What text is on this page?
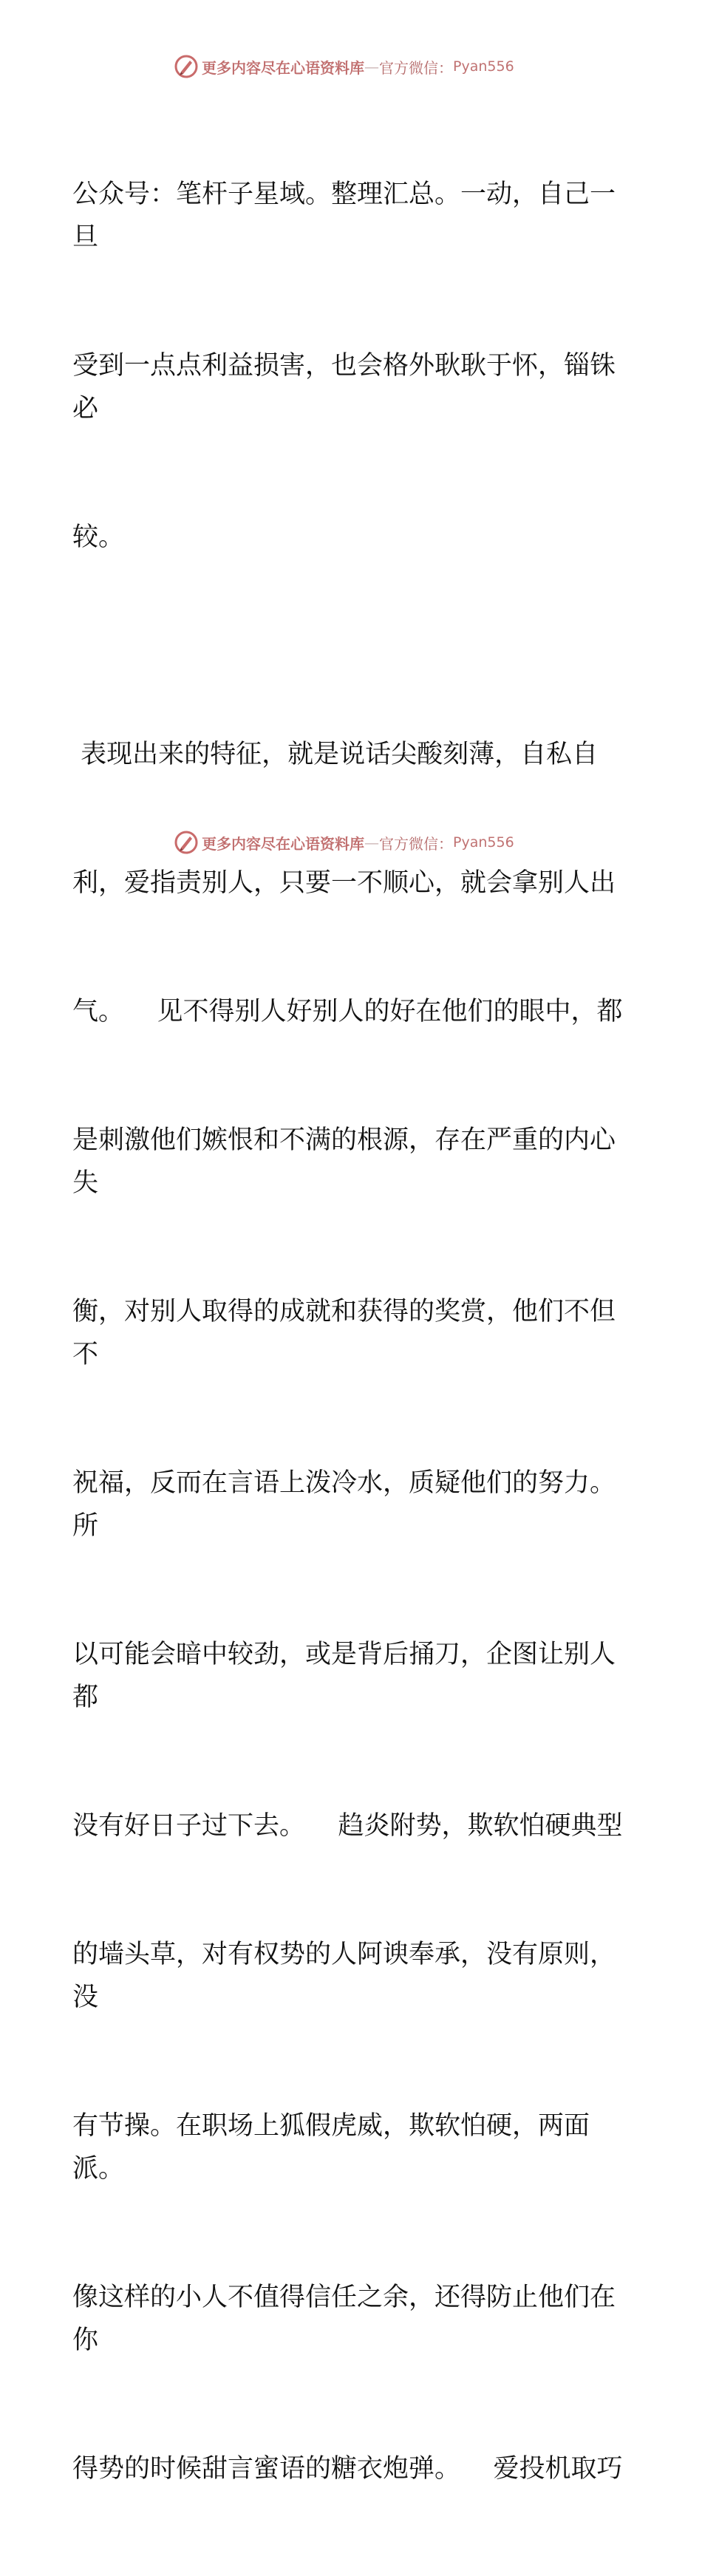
更多内容尽在心语资料库 — 官方微信： Pyan556

公众号：笔杆子星域。整理汇总。一动，自己一旦

受到一点点利益损害，也会格外耿耿于怀，锱铢必

较。

表现出来的特征，就是说话尖酸刻薄，自私自

利，爱指责别人，只要一不顺心，就会拿别人出

气。    见不得别人好别人的好在他们的眼中，都

是刺激他们嫉恨和不满的根源，存在严重的内心失

衡，对别人取得的成就和获得的奖赏，他们不但不

祝福，反而在言语上泼冷水，质疑他们的努力。所

以可能会暗中较劲，或是背后捅刀，企图让别人都

没有好日子过下去。    趋炎附势，欺软怕硬典型

的墙头草，对有权势的人阿谀奉承，没有原则，没

有节操。在职场上狐假虎威，欺软怕硬，两面派。

像这样的小人不值得信任之余，还得防止他们在你

得势的时候甜言蜜语的糖衣炮弹。    爱投机取巧

更多内容尽在心语资料库 — 官方微信： Pyan556
